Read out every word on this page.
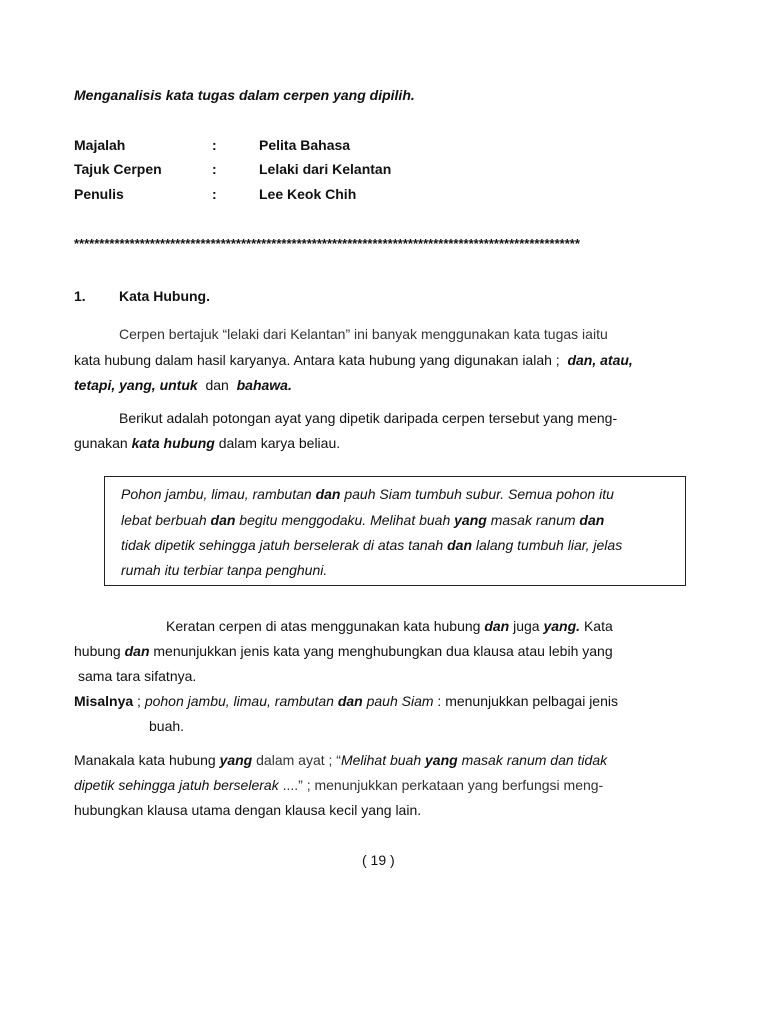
Menganalisis kata tugas dalam cerpen yang dipilih.
Majalah	:	Pelita Bahasa
Tajuk Cerpen	:	Lelaki dari Kelantan
Penulis	:	Lee Keok Chih
****************************************************************************************************
1. Kata Hubung.
Cerpen bertajuk “lelaki dari Kelantan” ini banyak menggunakan kata tugas iaitu
kata hubung dalam hasil karyanya. Antara kata hubung yang digunakan ialah ; dan, atau,
tetapi, yang, untuk dan bahawa.
Berikut adalah potongan ayat yang dipetik daripada cerpen tersebut yang meng-
gunakan kata hubung dalam karya beliau.
Pohon jambu, limau, rambutan dan pauh Siam tumbuh subur. Semua pohon itu
lebat berbuah dan begitu menggodaku. Melihat buah yang masak ranum dan
tidak dipetik sehingga jatuh berselerak di atas tanah dan lalang tumbuh liar, jelas
rumah itu terbiar tanpa penghuni.
Keratan cerpen di atas menggunakan kata hubung dan juga yang. Kata
hubung dan menunjukkan jenis kata yang menghubungkan dua klausa atau lebih yang
sama tara sifatnya.
Misalnya ; pohon jambu, limau, rambutan dan pauh Siam : menunjukkan pelbagai jenis
buah.
Manakala kata hubung yang dalam ayat ; “Melihat buah yang masak ranum dan tidak
dipetik sehingga jatuh berselerak ....” ; menunjukkan perkataan yang berfungsi meng-
hubungkan klausa utama dengan klausa kecil yang lain.
( 19 )
